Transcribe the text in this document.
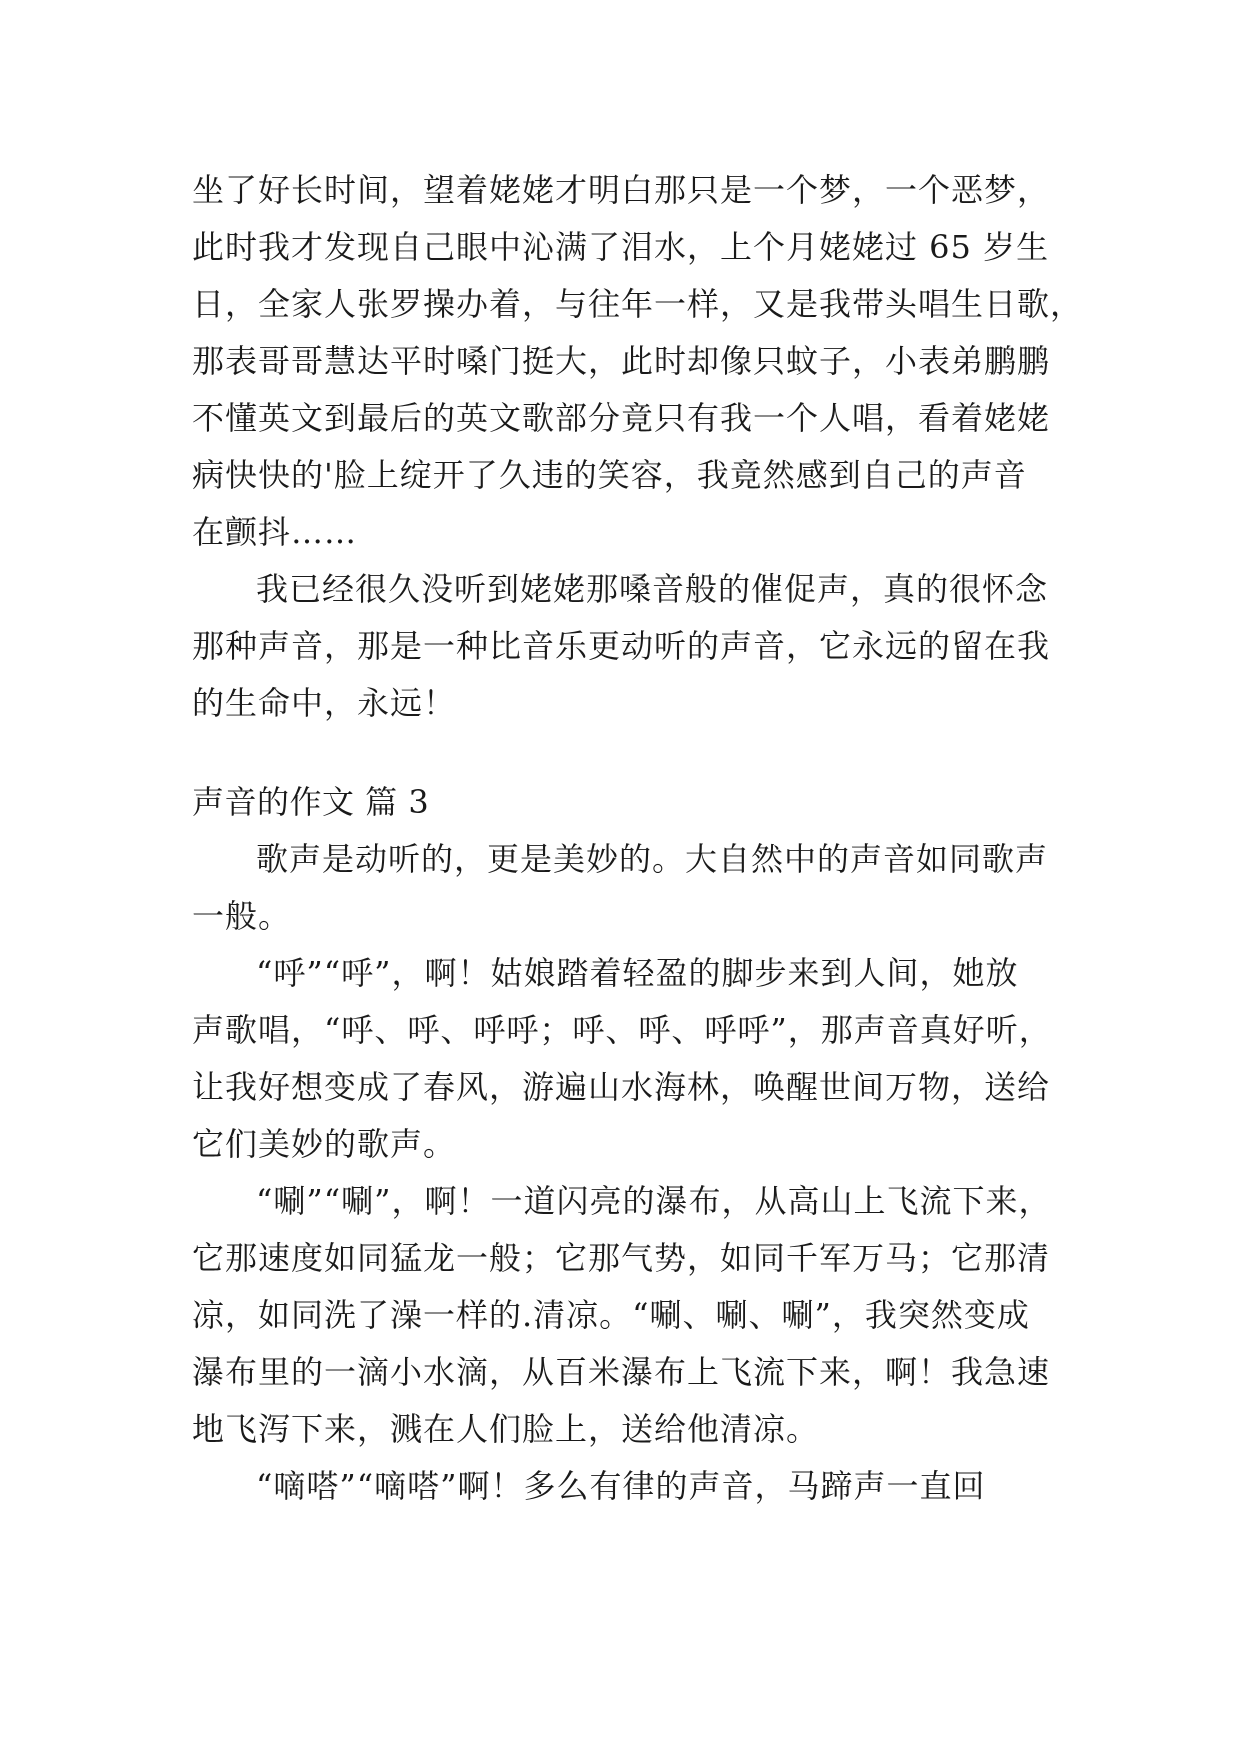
坐了好长时间，望着姥姥才明白那只是一个梦，一个恶梦，
此时我才发现自己眼中沁满了泪水，上个月姥姥过 65 岁生
日，全家人张罗操办着，与往年一样，又是我带头唱生日歌，
那表哥哥慧达平时嗓门挺大，此时却像只蚊子，小表弟鹏鹏
不懂英文到最后的英文歌部分竟只有我一个人唱，看着姥姥
病快快的'脸上绽开了久违的笑容，我竟然感到自己的声音
在颤抖……
我已经很久没听到姥姥那嗓音般的催促声，真的很怀念
那种声音，那是一种比音乐更动听的声音，它永远的留在我
的生命中，永远！
声音的作文 篇 3
歌声是动听的，更是美妙的。大自然中的声音如同歌声
一般。
“呼”“呼”，啊！姑娘踏着轻盈的脚步来到人间，她放
声歌唱，“呼、呼、呼呼；呼、呼、呼呼”，那声音真好听，
让我好想变成了春风，游遍山水海林，唤醒世间万物，送给
它们美妙的歌声。
“唰”“唰”，啊！一道闪亮的瀑布，从高山上飞流下来，
它那速度如同猛龙一般；它那气势，如同千军万马；它那清
凉，如同洗了澡一样的.清凉。“唰、唰、唰”，我突然变成
瀑布里的一滴小水滴，从百米瀑布上飞流下来，啊！我急速
地飞泻下来，溅在人们脸上，送给他清凉。
“嘀嗒”“嘀嗒”啊！多么有律的声音，马蹄声一直回
